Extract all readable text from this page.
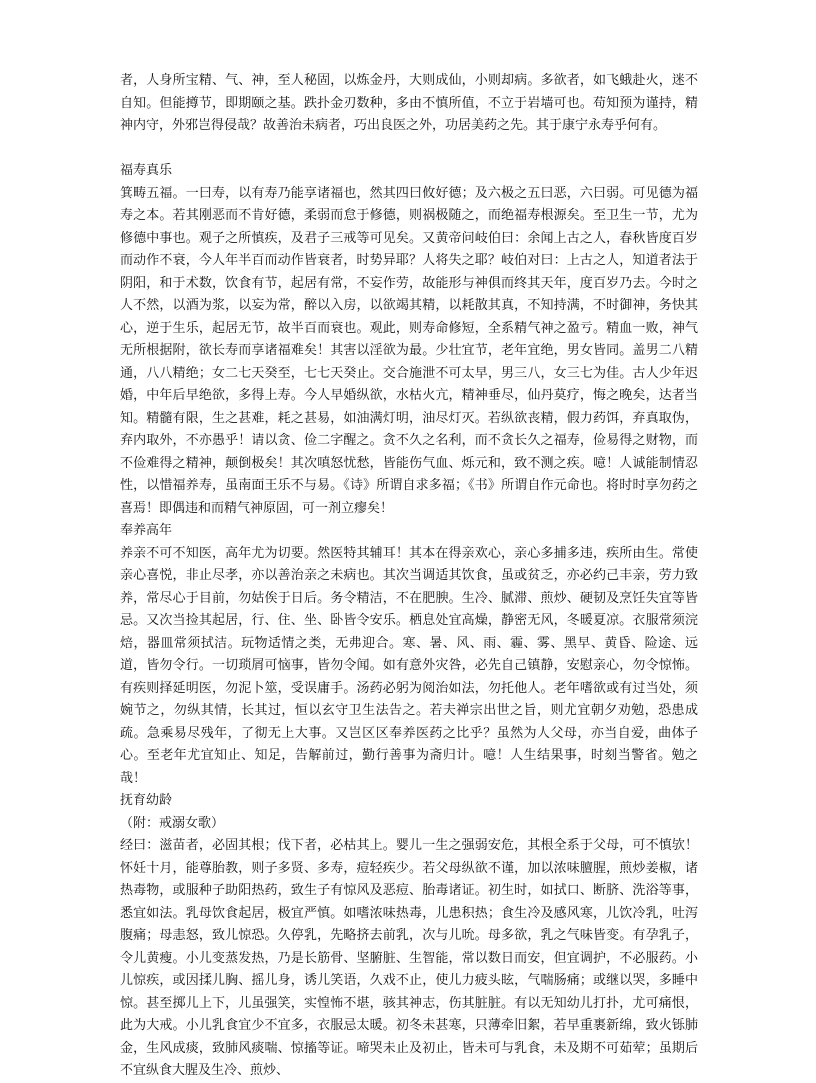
者，人身所宝精、气、神，至人秘固，以炼金丹，大则成仙，小则却病。多欲者，如飞蛾赴火，迷不自知。但能撙节，即期颐之基。跌扑金刃数种，多由不慎所值，不立于岩墙可也。苟知预为谨持，精神内守，外邪岂得侵哉？故善治未病者，巧出良医之外，功居美药之先。其于康宁永寿乎何有。

福寿真乐

箕畴五福。一曰寿，以有寿乃能享诸福也，然其四曰攸好德；及六极之五曰恶，六曰弱。可见德为福寿之本。若其刚恶而不肯好德，柔弱而怠于修德，则祸极随之，而绝福寿根源矣。至卫生一节，尤为修德中事也。观子之所慎疾，及君子三戒等可见矣。又黄帝问岐伯曰：余闻上古之人，春秋皆度百岁而动作不衰，今人年半百而动作皆衰者，时势异耶？人将失之耶？岐伯对曰：上古之人，知道者法于阴阳，和于术数，饮食有节，起居有常，不妄作劳，故能形与神俱而终其天年，度百岁乃去。今时之人不然，以酒为浆，以妄为常，醉以入房，以欲竭其精，以耗散其真，不知持满，不时御神，务快其心，逆于生乐，起居无节，故半百而衰也。观此，则寿命修短，全系精气神之盈亏。精血一败，神气无所根据附，欲长寿而享诸福难矣！其害以淫欲为最。少壮宜节，老年宜绝，男女皆同。盖男二八精通，八八精绝；女二七天癸至，七七天癸止。交合施泄不可太早，男三八，女三七为佳。古人少年迟婚，中年后早绝欲，多得上寿。今人早婚纵欲，水枯火亢，精神垂尽，仙丹莫疗，悔之晚矣，达者当知。精髓有限，生之甚难，耗之甚易，如油满灯明，油尽灯灭。若纵欲丧精，假力药饵，弃真取伪，弃内取外，不亦愚乎！请以贪、俭二字醒之。贪不久之名利，而不贪长久之福寿，俭易得之财物，而不俭难得之精神，颠倒极矣！其次嗔怒忧愁，皆能伤气血、烁元和，致不测之疾。噫！人诚能制情忍性，以惜福养寿，虽南面王乐不与易。《诗》所谓自求多福；《书》所谓自作元命也。将时时享勿药之喜焉！即偶违和而精气神原固，可一剂立瘳矣！

奉养高年

养亲不可不知医，高年尤为切要。然医特其辅耳！其本在得亲欢心，亲心多捕多违，疾所由生。常使亲心喜悦，非止尽孝，亦以善治亲之未病也。其次当调适其饮食，虽或贫乏，亦必约己丰亲，劳力致养，常尽心于目前，勿姑俟于日后。务令精洁，不在肥腴。生冷、腻滞、煎炒、硬韧及烹饪失宜等皆忌。又次当捡其起居，行、住、坐、卧皆令安乐。栖息处宜高燥，静密无风，冬暖夏凉。衣服常须浣焙，器皿常须拭洁。玩物适情之类，无弗迎合。寒、暑、风、雨、霾、雾、黑早、黄昏、险途、远道，皆勿令行。一切琐屑可恼事，皆勿令闻。如有意外灾咎，必先自己镇静，安慰亲心，勿令惊怖。有疾则择延明医，勿泥卜筮，受误庸手。汤药必躬为阅治如法，勿托他人。老年嗜欲或有过当处，须婉节之，勿纵其情，长其过，恒以玄守卫生法告之。若夫禅宗出世之旨，则尤宜朝夕劝勉，恐患成疏。急乘易尽残年，了彻无上大事。又岂区区奉养医药之比乎？虽然为人父母，亦当自爱，曲体子心。至老年尤宜知止、知足，告解前过，勤行善事为斋归计。噫！人生结果事，时刻当警省。勉之哉！

抚育幼龄

（附：戒溺女歌）

经曰：滋苗者，必固其根；伐下者，必枯其上。婴儿一生之强弱安危，其根全系于父母，可不慎欤！怀妊十月，能尊胎教，则子多贤、多寿，痘轻疾少。若父母纵欲不谨，加以浓味膻腥，煎炒姜椒，诸热毒物，或服种子助阳热药，致生子有惊风及恶痘、胎毒诸证。初生时，如拭口、断脐、洗浴等事，悉宜如法。乳母饮食起居，极宜严慎。如嗜浓味热毒，儿患积热；食生冷及感风寒，儿饮冷乳，吐泻腹痛；母恚怒，致儿惊恐。久停乳，先略挤去前乳，次与儿吮。母多欲，乳之气味皆变。有孕乳子，令儿黄瘦。小儿变蒸发热，乃是长筋骨、坚腑脏、生智能，常以数日而安，但宜调护，不必服药。小儿惊疾，或因揉儿胸、摇儿身，诱儿笑语，久戏不止，使儿力疲头眩，气喘肠痛；或继以哭，多睡中惊。甚至掷儿上下，儿虽强笑，实惶怖不堪，骇其神志，伤其脏脏。有以无知幼儿打扑，尤可痛恨，此为大戒。小儿乳食宜少不宜多，衣服忌太暖。初冬未甚寒，只薄牵旧絮，若早重裹新绵，致火铄肺金，生风成痰，致肺风痰喘、惊搐等证。啼哭未止及初止，皆未可与乳食，未及期不可茹荤；虽期后不宜纵食大腥及生冷、煎炒、
